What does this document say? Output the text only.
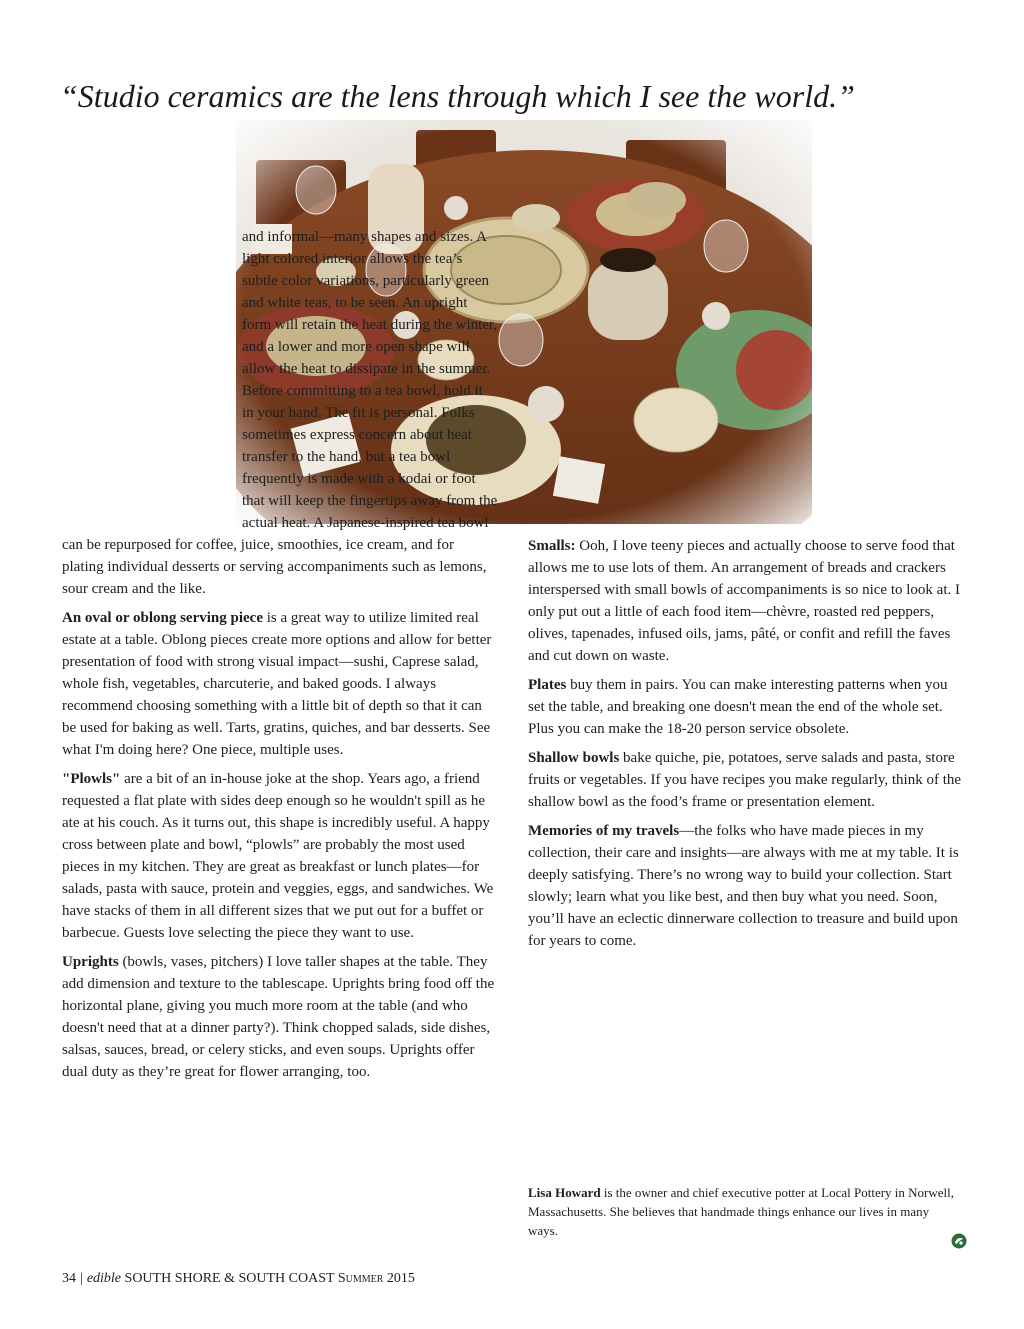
“Studio ceramics are the lens through which I see the world.”

and informal—many shapes and sizes. A light colored interior allows the tea’s subtle color variations, particularly green and white teas, to be seen. An upright form will retain the heat during the winter, and a lower and more open shape will allow the heat to dissipate in the summer. Before committing to a tea bowl, hold it in your hand. The fit is personal. Folks sometimes express concern about heat transfer to the hand, but a tea bowl frequently is made with a kodai or foot that will keep the fingertips away from the actual heat. A Japanese-inspired tea bowl can be repurposed for coffee, juice, smoothies, ice cream, and for plating individual desserts or serving accompaniments such as lemons, sour cream and the like.

An oval or oblong serving piece is a great way to utilize limited real estate at a table. Oblong pieces create more options and allow for better presentation of food with strong visual impact—sushi, Caprese salad, whole fish, vegetables, charcuterie, and baked goods. I always recommend choosing something with a little bit of depth so that it can be used for baking as well. Tarts, gratins, quiches, and bar desserts. See what I'm doing here? One piece, multiple uses.

"Plowls" are a bit of an in-house joke at the shop. Years ago, a friend requested a flat plate with sides deep enough so he wouldn't spill as he ate at his couch. As it turns out, this shape is incredibly useful. A happy cross between plate and bowl, “plowls” are probably the most used pieces in my kitchen. They are great as breakfast or lunch plates—for salads, pasta with sauce, protein and veggies, eggs, and sandwiches. We have stacks of them in all different sizes that we put out for a buffet or barbecue. Guests love selecting the piece they want to use.

Uprights (bowls, vases, pitchers) I love taller shapes at the table. They add dimension and texture to the tablescape. Uprights bring food off the horizontal plane, giving you much more room at the table (and who doesn't need that at a dinner party?). Think chopped salads, side dishes, salsas, sauces, bread, or celery sticks, and even soups. Uprights offer dual duty as they’re great for flower arranging, too.

Smalls: Ooh, I love teeny pieces and actually choose to serve food that allows me to use lots of them. An arrangement of breads and crackers interspersed with small bowls of accompaniments is so nice to look at. I only put out a little of each food item—chèvre, roasted red peppers, olives, tapenades, infused oils, jams, pâté, or confit and refill the faves and cut down on waste.

Plates buy them in pairs. You can make interesting patterns when you set the table, and breaking one doesn't mean the end of the whole set. Plus you can make the 18-20 person service obsolete.

Shallow bowls bake quiche, pie, potatoes, serve salads and pasta, store fruits or vegetables. If you have recipes you make regularly, think of the shallow bowl as the food’s frame or presentation element.

Memories of my travels—the folks who have made pieces in my collection, their care and insights—are always with me at my table. It is deeply satisfying. There’s no wrong way to build your collection. Start slowly; learn what you like best, and then buy what you need. Soon, you’ll have an eclectic dinnerware collection to treasure and build upon for years to come.

Lisa Howard is the owner and chief executive potter at Local Pottery in Norwell, Massachusetts. She believes that handmade things enhance our lives in many ways.

34 | edible SOUTH SHORE & SOUTH COAST Summer 2015
